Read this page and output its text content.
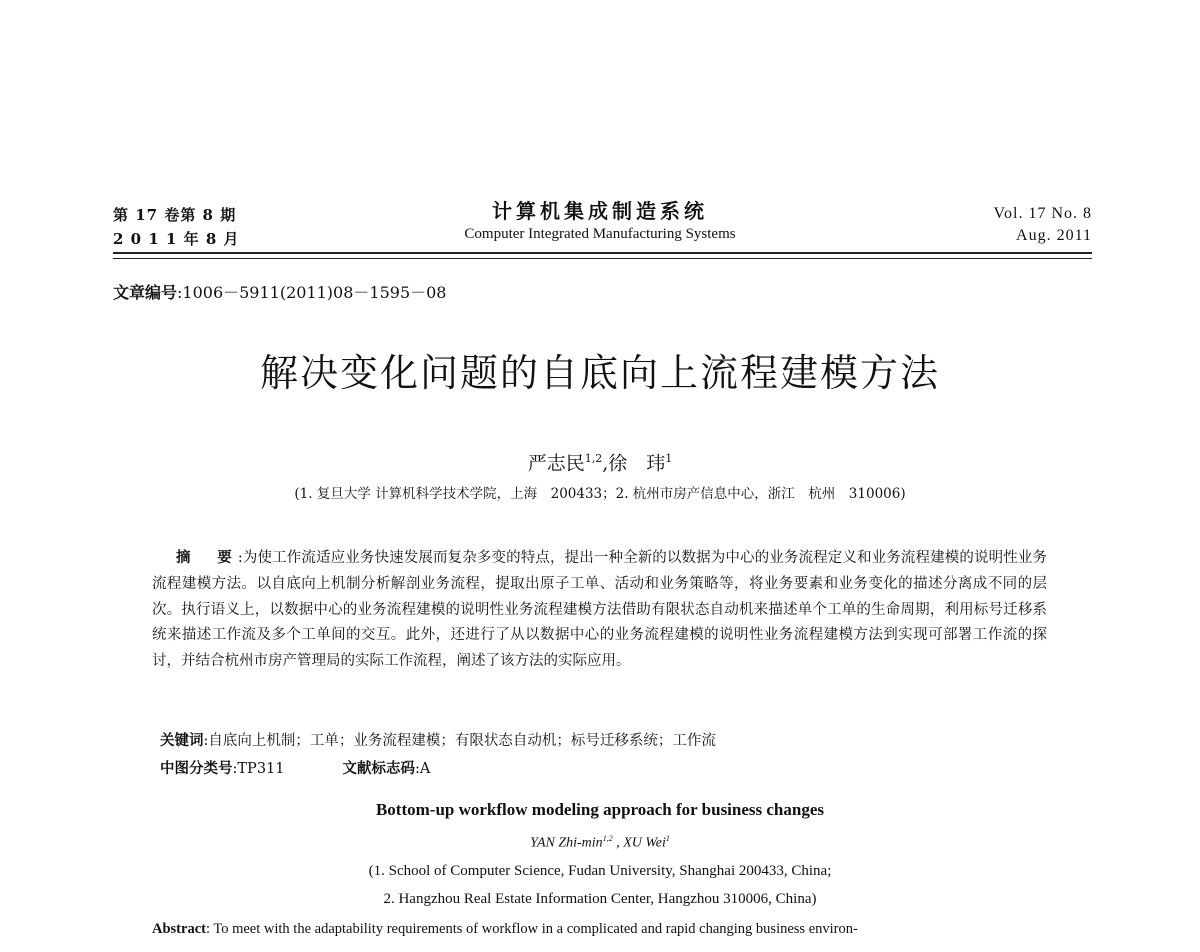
第 17 卷第 8 期
2 0 1 1 年 8 月
计算机集成制造系统
Computer Integrated Manufacturing Systems
Vol. 17 No. 8
Aug. 2011
文章编号:1006－5911(2011)08－1595－08
解决变化问题的自底向上流程建模方法
严志民$^{1,2}$,徐　玮$^1$
(1. 复旦大学 计算机科学技术学院，上海　200433；2. 杭州市房产信息中心，浙江　杭州　310006)
摘　要:为使工作流适应业务快速发展而复杂多变的特点，提出一种全新的以数据为中心的业务流程定义和业务流程建模的说明性业务流程建模方法。以自底向上机制分析解剖业务流程，提取出原子工单、活动和业务策略等，将业务要素和业务变化的描述分离成不同的层次。执行语义上，以数据中心的业务流程建模的说明性业务流程建模方法借助有限状态自动机来描述单个工单的生命周期，利用标号迁移系统来描述工作流及多个工单间的交互。此外，还进行了从以数据中心的业务流程建模的说明性业务流程建模方法到实现可部署工作流的探讨，并结合杭州市房产管理局的实际工作流程，阐述了该方法的实际应用。
关键词:自底向上机制；工单；业务流程建模；有限状态自动机；标号迁移系统；工作流
中图分类号:TP311	文献标志码:A
Bottom-up workflow modeling approach for business changes
YAN Zhi-$\min^{1,2}$ , XU Wei$^1$
(1. School of Computer Science, Fudan University, Shanghai 200433, China;
2. Hangzhou Real Estate Information Center, Hangzhou 310006, China)
Abstract: To meet with the adaptability requirements of workflow in a complicated and rapid changing business environ-
